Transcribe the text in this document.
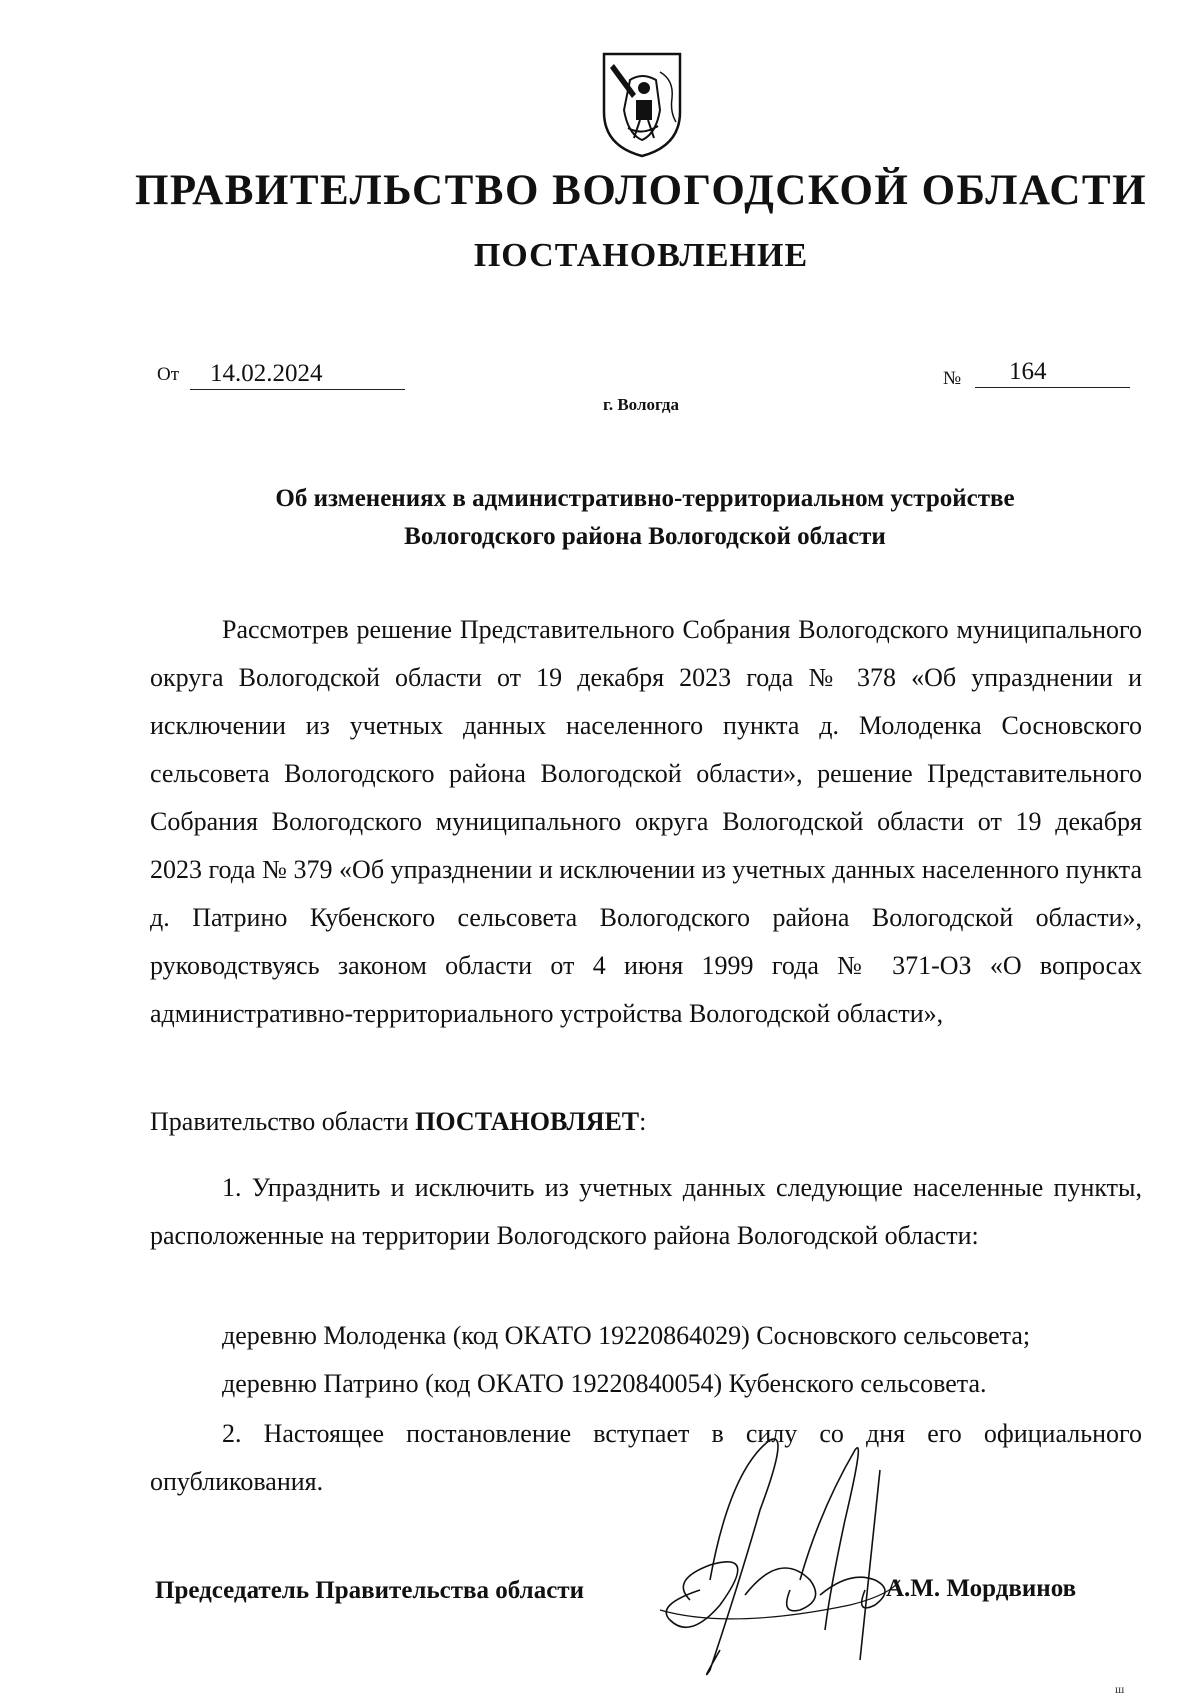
ПРАВИТЕЛЬСТВО ВОЛОГОДСКОЙ ОБЛАСТИ
ПОСТАНОВЛЕНИЕ
От	14.02.2024	№	164
г. Вологда
Об изменениях в административно-территориальном устройстве
Вологодского района Вологодской области
Рассмотрев решение Представительного Собрания Вологодского муниципального округа Вологодской области от 19 декабря 2023 года № 378 «Об упразднении и исключении из учетных данных населенного пункта д. Молоденка Сосновского сельсовета Вологодского района Вологодской области», решение Представительного Собрания Вологодского муниципального округа Вологодской области от 19 декабря 2023 года № 379 «Об упразднении и исключении из учетных данных населенного пункта д. Патрино Кубенского сельсовета Вологодского района Вологодской области», руководствуясь законом области от 4 июня 1999 года № 371-ОЗ «О вопросах административно-территориального устройства Вологодской области»,
Правительство области ПОСТАНОВЛЯЕТ:
1. Упразднить и исключить из учетных данных следующие населенные пункты, расположенные на территории Вологодского района Вологодской области:
деревню Молоденка (код ОКАТО 19220864029) Сосновского сельсовета;
деревню Патрино (код ОКАТО 19220840054) Кубенского сельсовета.
2. Настоящее постановление вступает в силу со дня его официального опубликования.
Председатель Правительства области	А.М. Мордвинов
ш
